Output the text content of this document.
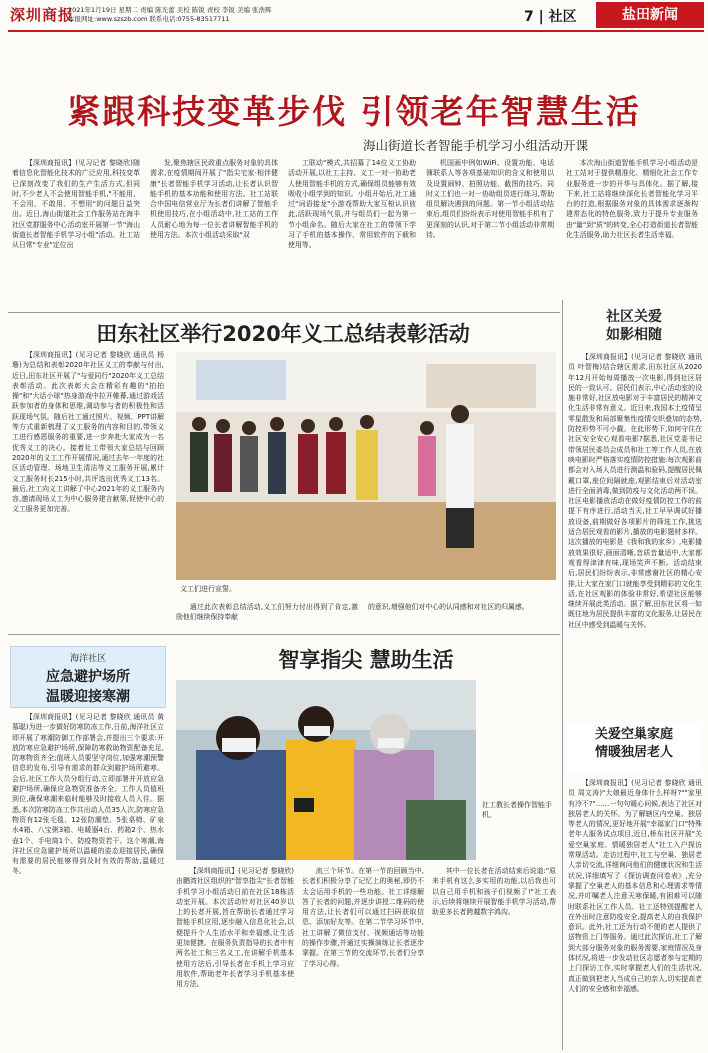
深圳商报
2021年1月19日 星期二 责编 陈光蕾 美校 陈锐 责校 李锐 美编 张浩辉
本报网址:www.szszb.com 联系电话:0755-83517711	7 | 社区	盐田新闻
紧跟科技变革步伐 引领老年智慧生活
海山街道长者智能手机学习小组活动开课

【深圳商报讯】(见习记者 黎晓欣)随着信息化智能化技术的广泛应用,科技变革已深刻改变了我们的生产生活方式,但同时,不少老人不会使用智能手机,"不能用、不会用、不敢用、不想用"的问题日益突出。近日,海山街道社会工作服务站在海丰社区党群服务中心活动室开展第一节"海山街道长者智能手机学习小组"活动。社工站从日常"专业"定位出

发,聚焦辖区民政重点服务对象的具体需求,在疫情期间开展了"指尖宅家·相伴健康"长者智能手机学习活动,让长者认识智能手机的基本功能和使用方法。社工站联合中国电信营业厅为长者们讲解了智能手机使用技巧,在小组活动中,社工站的工作人员耐心地为每一位长者讲解智能手机的使用方法。本次小组活动采取"双

工联动"模式,共招募了14位义工协助活动开展,以社工主持、义工一对一协助老人使用智能手机的方式,确保组员能够有效吸收小组学到的知识。小组开始后,社工通过"词语接龙"小游戏帮助大家互相认识彼此,活跃现场气氛,并与组员们一起为第一节小组命名。随后大家在社工的带领下学习了手机的基本操作、常用软件的下载和使用等。

机国画中例如WiFi、设置功能、电话簿联系人等各项基础知识的含义和使用以及设置闹钟、拍照功能、截图的技巧。同时义工们也一对一协助组员进行练习,帮助组员解决遇到的问题。第一节小组活动结束后,组员们纷纷表示对使用智能手机有了更深刻的认识,对于第二节小组活动非常期待。

本次海山街道智能手机学习小组活动是社工站对于提供精准化、精细化社会工作专业服务进一步的开华与具体化。据了解,接下来,社工站将继续深化长者智能化学习平台的打造,根据服务对象的具体需求逐渐构建常态化的特色服务,致力于提升专业服务由"量"到"质"的转变,全心打造街道长者智能化生活服务,助力社区长者生活幸福。

田东社区举行2020年义工总结表彰活动

【深圳商报讯】(见习记者 黎晓欣 通讯员 杨珊)为总结和表彰2020年社区义工的奉献与付出,近日,田东社区开展了"与爱同行"2020年义工总结表彰活动。此次表彰大会在精彩有趣的"拍拍操"和"大话小球"热身游戏中拉开帷幕,通过游戏活跃参加者的身体和思维,调动参与者的积极性和活跃现场气氛。随后社工通过照片、视频、PPT讲解等方式重新梳理了义工服务的内容和目的,带领义工进行感恩服务的重要,进一步奔赴大家成为一名优秀义工的决心。接着社工带领大家总结与回顾2020年的义工工作开展情况,通过去年一年度的社区活动管理、场地卫生清洁等义工服务开展,累计义工服务时长215小时,共评选出优秀义工13名。最后,社工向义工讲解了中心2021年的义工服务内容,邀请现场义工为中心服务建言献策,促使中心的义工服务更加完善。

义工们进行宣誓。

通过此次表彰总结活动,义工们努力付出得到了肯定,激励他们继续保持奉献

的意识,增强他们对中心的认同感和对社区的归属感。
海洋社区
应急避护场所
温暖迎接寒潮

【深圳商报讯】(见习记者 黎晓欣 通讯员 黄慕聪)为进一步做好防寒防冻工作,日前,海洋社区立即开展了寒潮防御工作部署会,并提出三个要求:开放防寒应急避护场所,保障防寒救助物资配备充足,防寒物资齐全;值班人员要坚守岗位,加强寒潮预警信息的发布,引导有需求的群众到避护场所避寒。会后,社区工作人员分组行动,立即部署并开放应急避护场所,确保应急物资准备齐全、工作人员值班到位,确保寒潮来临时能够及时接收人员入住。据悉,本次防寒防冻工作共出动人员35人次,防寒应急物资有12张毛毯、12张防潮垫、5张桌椅、矿泉水4箱、八宝粥3箱、电暖器4台、药箱2个、热水壶1个、手电筒1个、防疫物资若干。这个寒潮,海洋社区应急避护场所以温暖的姿态迎接居民,确保有需要的居民能够得到及时有效的帮助,温暖过冬。

智享指尖 慧助生活
社工教长者操作智能手机。

【深圳商报讯】(见习记者 黎晓欣)由鹏湾社区组织的"智享指尖"长者智能手机学习小组活动日前在社区18栋活动室开展。本次活动针对社区40岁以上的长者开展,旨在帮助长者通过学习智能手机应用,逐步融入信息化社会,以便提升个人生活水平和幸福感,让生活更加便捷。在服务负责指导的长者中有两名社工和三名义工,在讲解手机基本使用方法后,引导长者在手机上学习应用软件,帮助老年长者学习手机基本使用方法。

流三个环节。在第一节的回顾当中,长者们积极分享了记忆上的奥秘,即仍不太会运用手机的一些功能。社工详细解答了长者的问题,并逐步讲授二维码的使用方法,让长者们可以通过扫码获取信息、添加好友等。在第二节学习环节中,社工讲解了微信支付、视频通话等功能的操作步骤,并通过实操演练让长者逐步掌握。在第三节的交流环节,长者们分享了学习心得。

其中一位长者在活动结束后说道:"原来手机有这么多实用的功能,以后我也可以自己用手机和孩子们视频了!"社工表示,后续将继续开展智能手机学习活动,帮助更多长者跨越数字鸿沟。

社区关爱
如影相随

【深圳商报讯】(见习记者 黎晓欣 通讯员 叶智梅)结合辖区需求,田东社区从2020年12月开始每周播放一次电影,得到社区居民的一致认可。居民们表示,中心活动室的设施非常好,社区放电影对于丰富居民的精神文化生活非常有意义。近日来,我国本土疫情呈零星散发和局部聚集性疫情交织叠加的态势,防控形势不可小觑。在此形势下,如何守住在社区安全安心观看电影?据悉,社区党委书记带领居民委员会成员和社工等工作人员,在放映电影时严格落实疫情防控措施:每次观影前都会对入场人员进行测温和验码,提醒居民佩戴口罩,座位间隔就座,观影结束后对活动室进行全面消毒,做到防疫与文化活动两不误。社区电影播放活动在做好疫情防控工作的前提下有序进行,活动当天,社工早早调试好播放设备,前期做好各项影片的筛选工作,挑选适合居民观看的影片,播放的电影题材多样。这次播放的电影是《我和我的家乡》,电影播放效果很好,画面清晰,音质音量适中,大家都观看得津津有味,现场笑声不断。活动结束后,居民们纷纷表示,非常感谢社区的精心安排,让大家在家门口就能享受到精彩的文化生活,在社区观影的体验非常好,希望社区能够继续开展此类活动。据了解,田东社区将一如既往地为居民提供丰富的文化服务,让居民在社区中感受到温暖与关怀。

关爱空巢家庭
情暖独居老人

【深圳商报讯】(见习记者 黎晓欣 通讯员 周文涛)"大娘最近身体什么样呀?""家里有冷不?"……一句句暖心问候,表达了社区对独居老人的关怀。为了解辖区内空巢、独居等老人的情况,更好地开展"幸福家门口"特殊老年人服务试点项目,近日,桥东社区开展"关爱空巢家庭、情暖独居老人"社工入户探访常规活动。走访过程中,社工与空巢、独居老人亲切交流,详细询问他们的健康状况和生活状况,详细填写了《探访调查问卷表》,充分掌握了空巢老人的基本信息和心理需求等情况,并叮嘱老人注意天寒保暖,有困难可以随时联系社区工作人员。社工还特别提醒老人在外出时注意防疫安全,提高老人的自我保护意识。此外,社工还为行动不便的老人提供了送物资上门等服务。通过此次探访,社工了解到大部分服务对象的服务需要,家庭情况及身体状况,将进一步发动社区志愿者参与定期的上门探访工作,实时掌握老人们的生活状况,真正做到把老人当成自己的亲人,切实提高老人们的安全感和幸福感。
